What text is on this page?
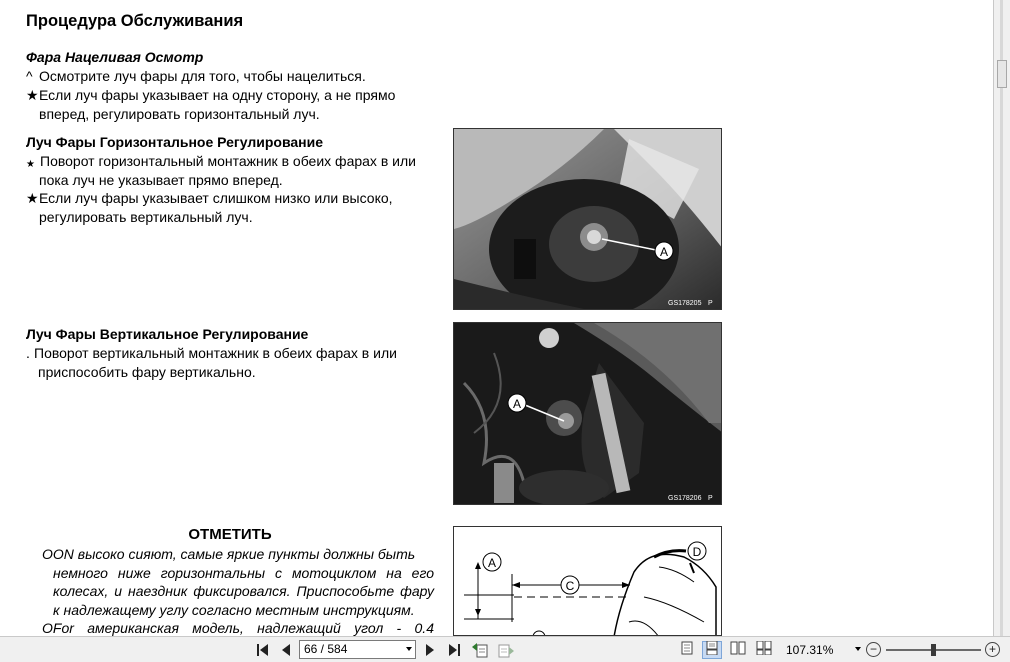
Процедура Обслуживания
Фара Нацеливая Осмотр
^ Осмотрите луч фары для того, чтобы нацелиться.
★Если луч фары указывает на одну сторону, а не прямо
вперед, регулировать горизонтальный луч.
Луч Фары Горизонтальное Регулирование
★ Поворот горизонтальный монтажник в обеих фарах в или
пока луч не указывает прямо вперед.
★Если луч фары указывает слишком низко или высоко,
регулировать вертикальный луч.
A
GS178205 P
Луч Фары Вертикальное Регулирование
. Поворот вертикальный монтажник в обеих фарах в или
приспособить фару вертикально.
A
GS178206 P
ОТМЕТИТЬ
OON высоко сияют, самые яркие пункты должны быть
немного ниже горизонтальны с мотоциклом на его
колесах, и наездник фиксировался. Приспособьте фару
к надлежащему углу согласно местным инструкциям.
OFor американская модель, надлежащий угол - 0.4
A
C
D
66 / 584	107.31%	−	+
